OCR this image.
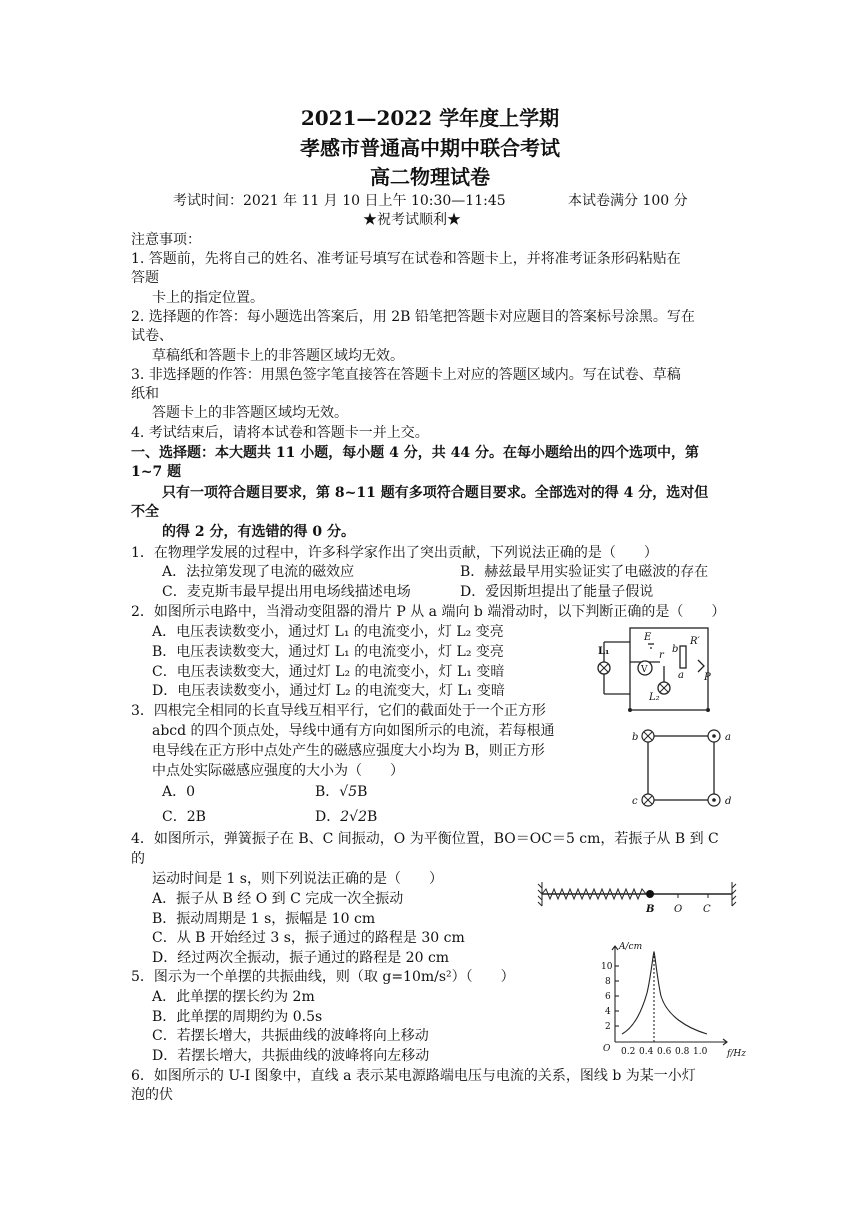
2021—2022 学年度上学期
孝感市普通高中期中联合考试
高二物理试卷
考试时间：2021 年 11 月 10 日上午 10:30—11:45	本试卷满分 100 分
★祝考试顺利★
注意事项：
1. 答题前，先将自己的姓名、准考证号填写在试卷和答题卡上，并将准考证条形码粘贴在
答题
卡上的指定位置。
2. 选择题的作答：每小题选出答案后，用 2B 铅笔把答题卡对应题目的答案标号涂黑。写在
试卷、
草稿纸和答题卡上的非答题区域均无效。
3. 非选择题的作答：用黑色签字笔直接答在答题卡上对应的答题区域内。写在试卷、草稿
纸和
答题卡上的非答题区域均无效。
4. 考试结束后，请将本试卷和答题卡一并上交。
一、选择题：本大题共 11 小题，每小题 4 分，共 44 分。在每小题给出的四个选项中，第
1~7 题
只有一项符合题目要求，第 8~11 题有多项符合题目要求。全部选对的得 4 分，选对但
不全
的得 2 分，有选错的得 0 分。
1．在物理学发展的过程中，许多科学家作出了突出贡献，下列说法正确的是（　　）
A．法拉第发现了电流的磁效应	B．赫兹最早用实验证实了电磁波的存在
C．麦克斯韦最早提出用电场线描述电场	D．爱因斯坦提出了能量子假说
2．如图所示电路中，当滑动变阻器的滑片 P 从 a 端向 b 端滑动时，以下判断正确的是（　　）
A．电压表读数变小，通过灯 L₁ 的电流变小，灯 L₂ 变亮
B．电压表读数变大，通过灯 L₁ 的电流变小，灯 L₂ 变亮
C．电压表读数变大，通过灯 L₂ 的电流变小，灯 L₁ 变暗
D．电压表读数变小，通过灯 L₂ 的电流变大，灯 L₁ 变暗
E
r
b
R′
P
a
L₁
L₂
V
3．四根完全相同的长直导线互相平行，它们的截面处于一个正方形
abcd 的四个顶点处，导线中通有方向如图所示的电流，若每根通
电导线在正方形中点处产生的磁感应强度大小均为 B，则正方形
中点处实际磁感应强度的大小为（　　）
A．0	B．√5B
C．2B	D．2√2B
a
b
c	d
4．如图所示，弹簧振子在 B、C 间振动，O 为平衡位置，BO＝OC＝5 cm，若振子从 B 到 C
的
运动时间是 1 s，则下列说法正确的是（　　）
A．振子从 B 经 O 到 C 完成一次全振动
B．振动周期是 1 s，振幅是 10 cm
C．从 B 开始经过 3 s，振子通过的路程是 30 cm
D．经过两次全振动，振子通过的路程是 20 cm
B O C
5．图示为一个单摆的共振曲线，则（取 g=10m/s²）（　　）
A．此单摆的摆长约为 2m
B．此单摆的周期约为 0.5s
C．若摆长增大，共振曲线的波峰将向上移动
D．若摆长增大，共振曲线的波峰将向左移动
A/cm
f/Hz
O
10
8
6
4
2
0.2 0.4 0.6 0.8 1.0
6．如图所示的 U-I 图象中，直线 a 表示某电源路端电压与电流的关系，图线 b 为某一小灯
泡的伏
